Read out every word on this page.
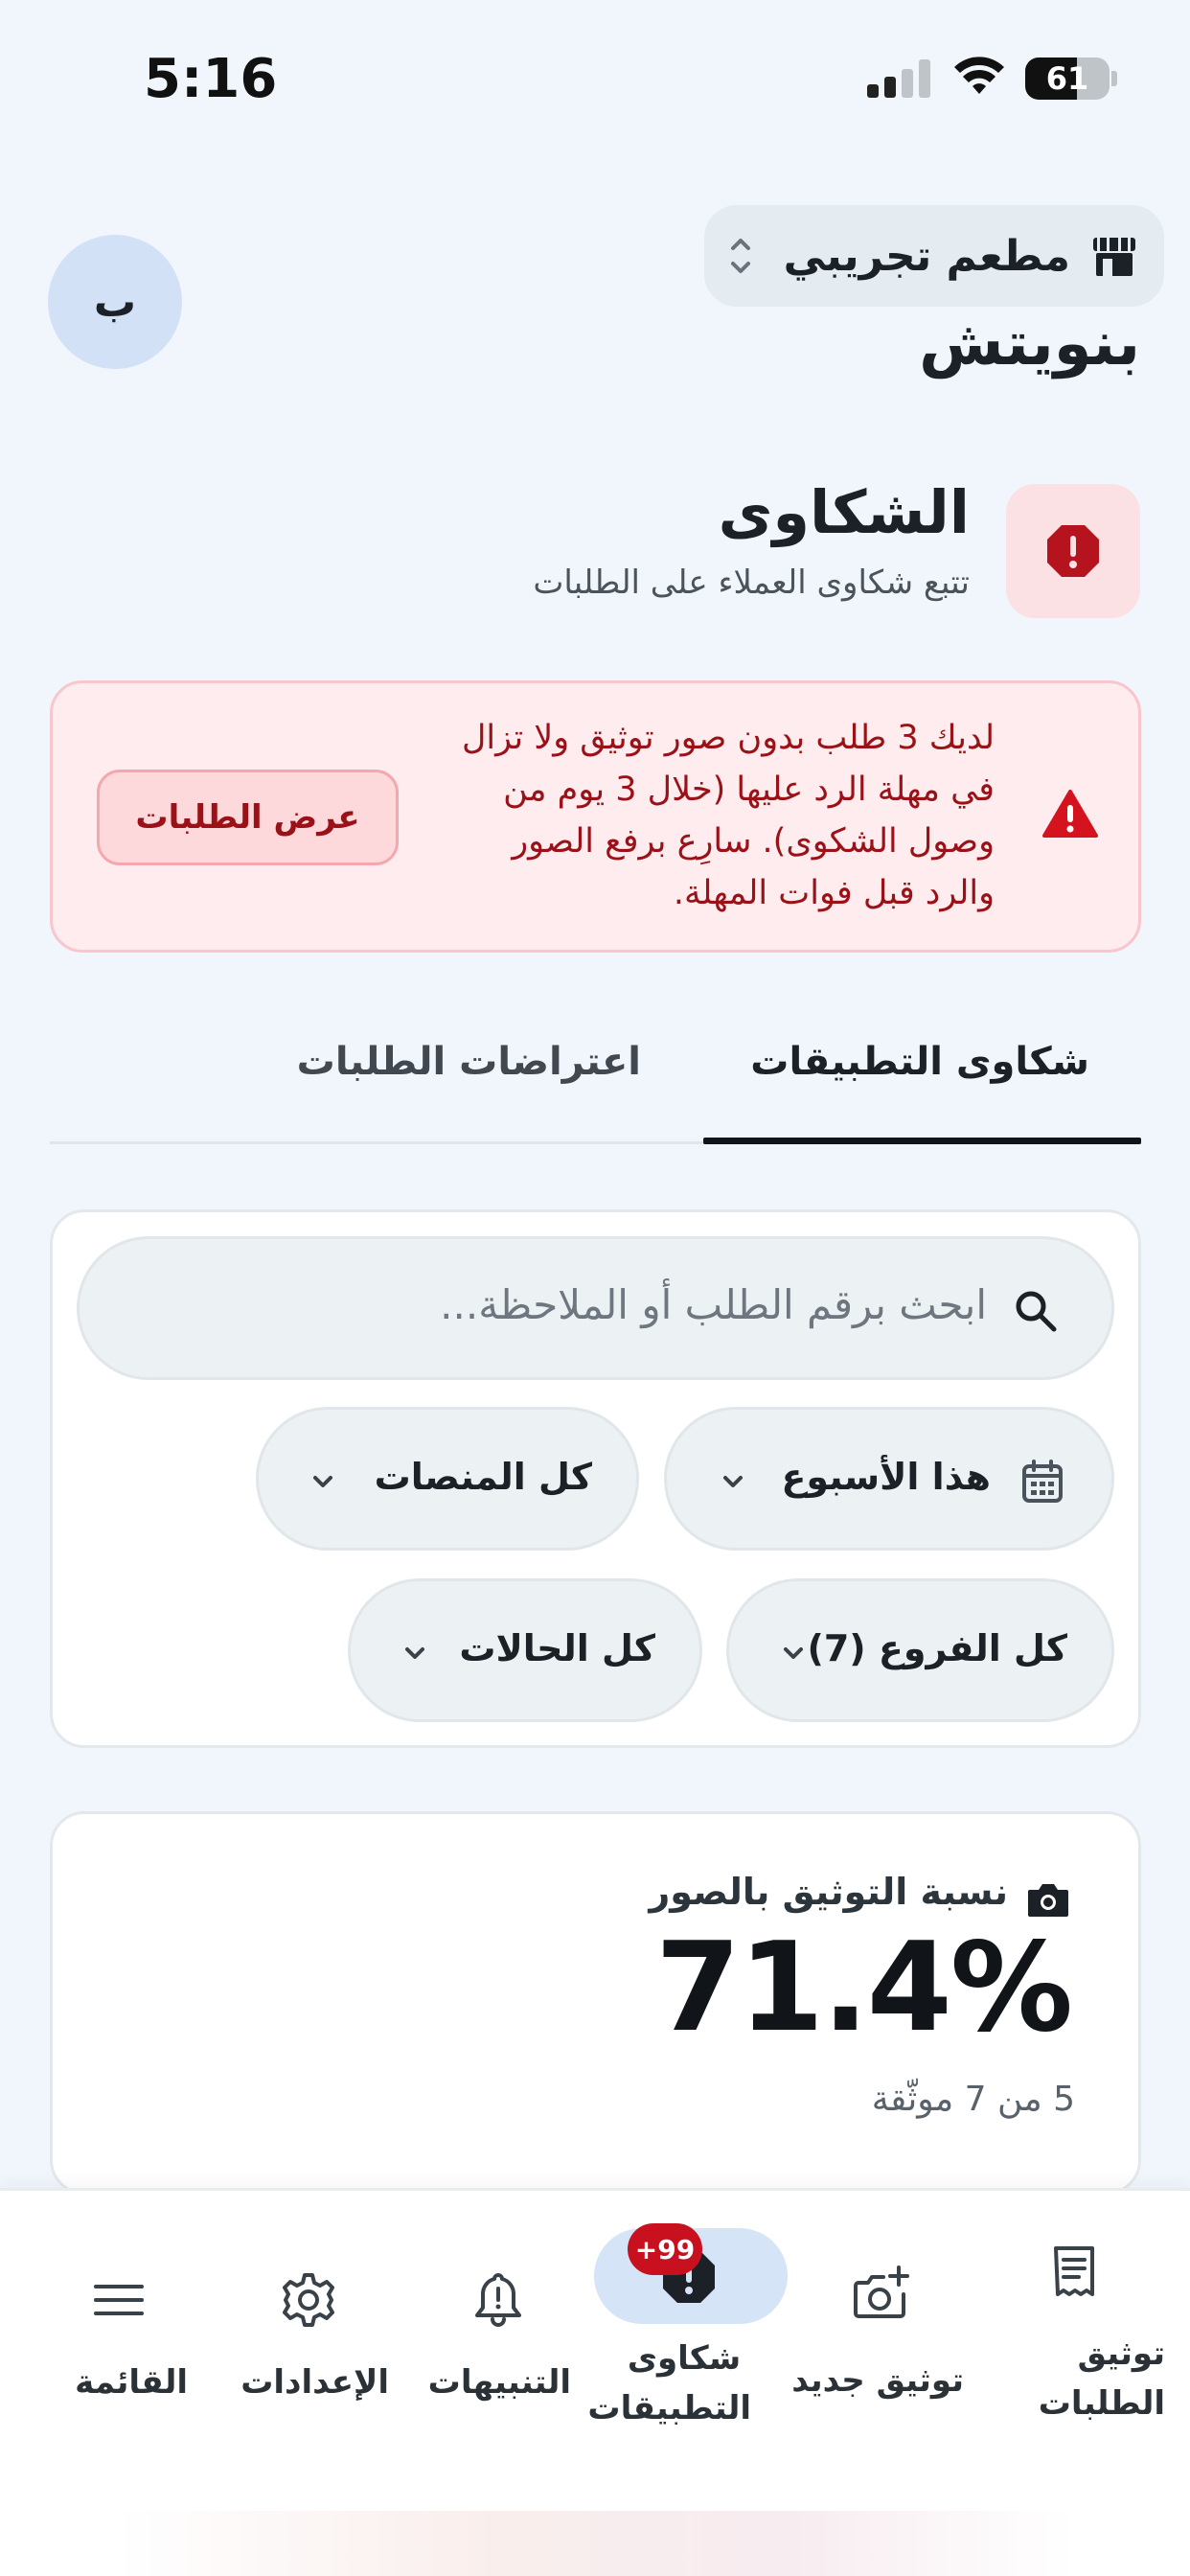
5:16	61
مطعم تجريبي
ب
بنويتش
الشكاوى
تتبع شكاوى العملاء على الطلبات
لديك 3 طلب بدون صور توثيق ولا تزال في مهلة الرد عليها (خلال 3 يوم من وصول الشكوى). سارِع برفع الصور والرد قبل فوات المهلة.
عرض الطلبات
شكاوى التطبيقات
اعتراضات الطلبات
ابحث برقم الطلب أو الملاحظة...
هذا الأسبوع
كل المنصات
كل الفروع (7)
كل الحالات
نسبة التوثيق بالصور
71.4%
5 من 7 موثّقة
توثيق الطلبات
توثيق جديد
شكاوى التطبيقات
+99
التنبيهات
الإعدادات
القائمة
